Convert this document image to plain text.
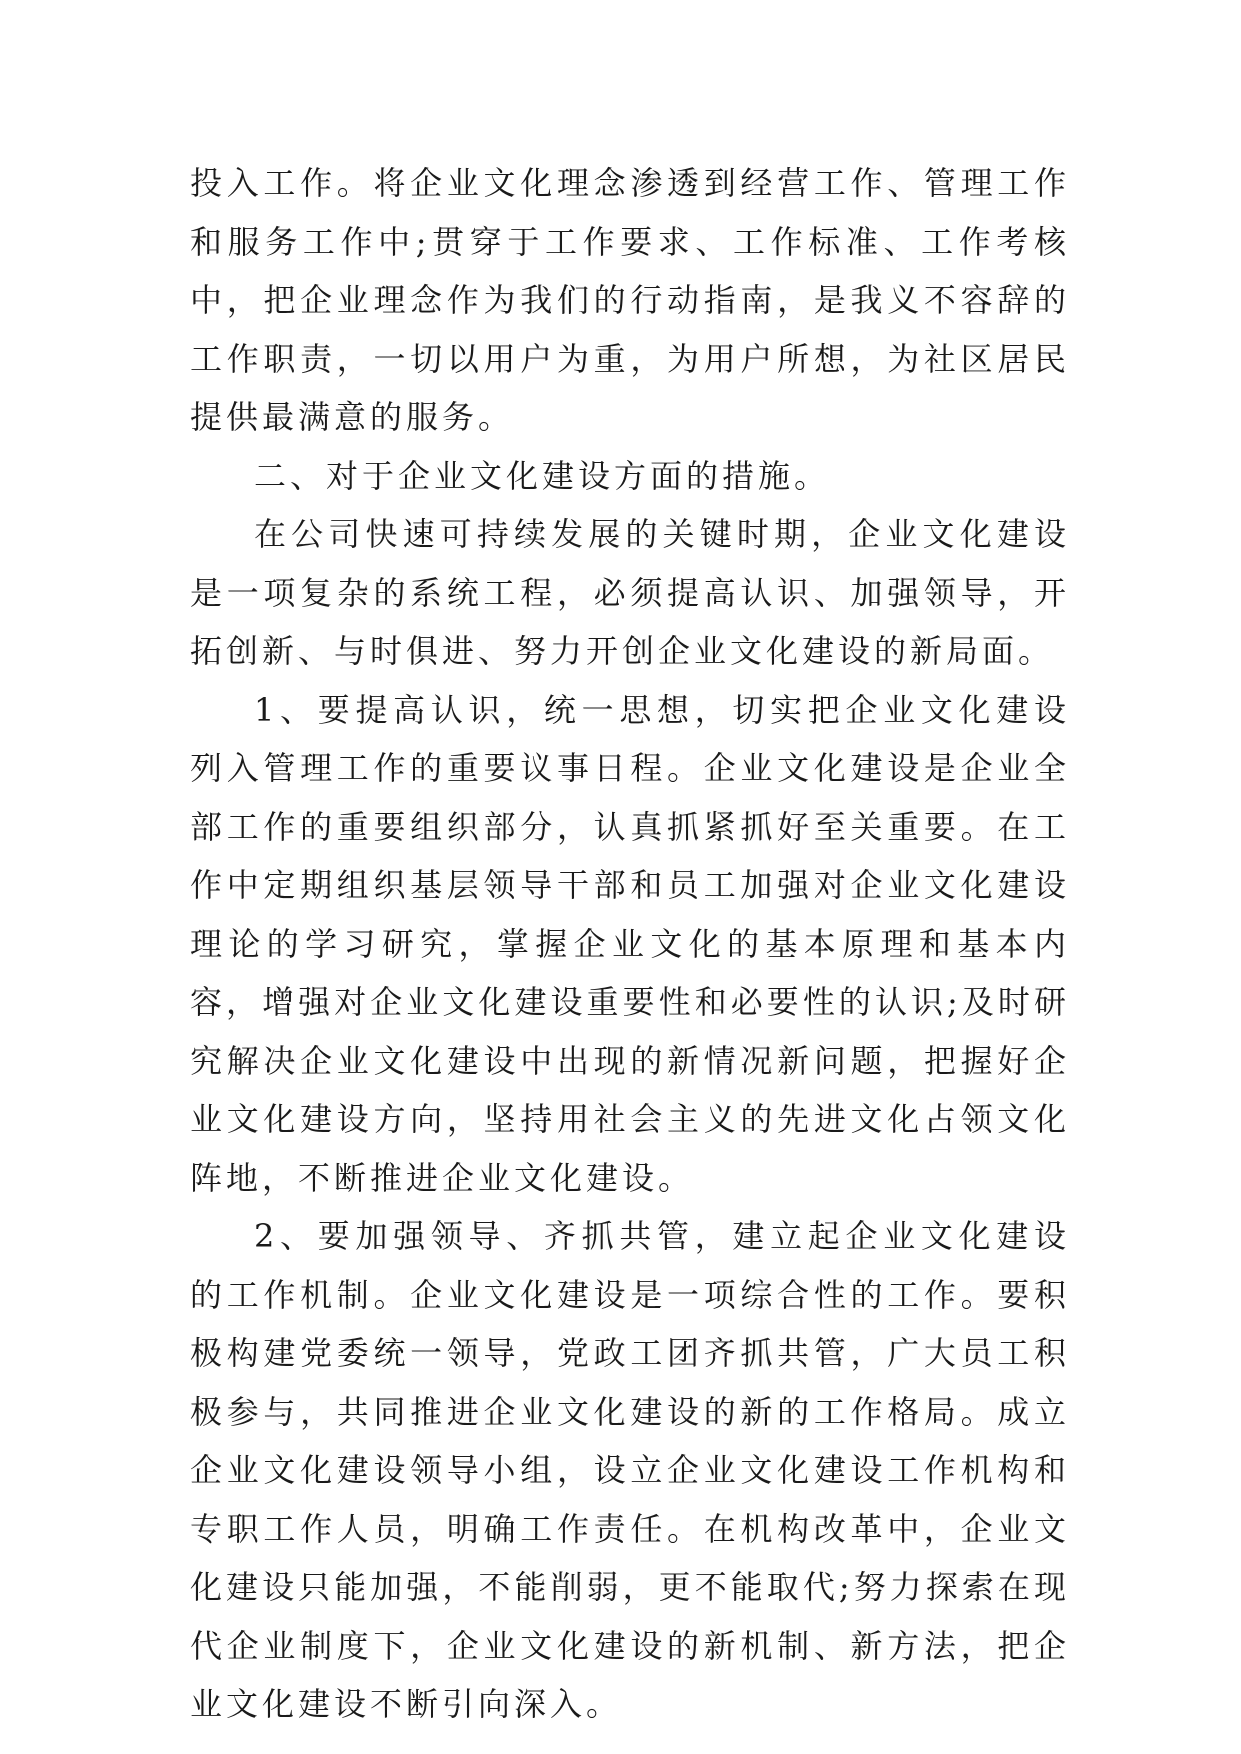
投入工作。将企业文化理念渗透到经营工作、管理工作和服务工作中;贯穿于工作要求、工作标准、工作考核中，把企业理念作为我们的行动指南，是我义不容辞的工作职责，一切以用户为重，为用户所想，为社区居民提供最满意的服务。

二、对于企业文化建设方面的措施。

在公司快速可持续发展的关键时期，企业文化建设是一项复杂的系统工程，必须提高认识、加强领导，开拓创新、与时俱进、努力开创企业文化建设的新局面。

1、要提高认识，统一思想，切实把企业文化建设列入管理工作的重要议事日程。企业文化建设是企业全部工作的重要组织部分，认真抓紧抓好至关重要。在工作中定期组织基层领导干部和员工加强对企业文化建设理论的学习研究，掌握企业文化的基本原理和基本内容，增强对企业文化建设重要性和必要性的认识;及时研究解决企业文化建设中出现的新情况新问题，把握好企业文化建设方向，坚持用社会主义的先进文化占领文化阵地，不断推进企业文化建设。

2、要加强领导、齐抓共管，建立起企业文化建设的工作机制。企业文化建设是一项综合性的工作。要积极构建党委统一领导，党政工团齐抓共管，广大员工积极参与，共同推进企业文化建设的新的工作格局。成立企业文化建设领导小组，设立企业文化建设工作机构和专职工作人员，明确工作责任。在机构改革中，企业文化建设只能加强，不能削弱，更不能取代;努力探索在现代企业制度下，企业文化建设的新机制、新方法，把企业文化建设不断引向深入。
